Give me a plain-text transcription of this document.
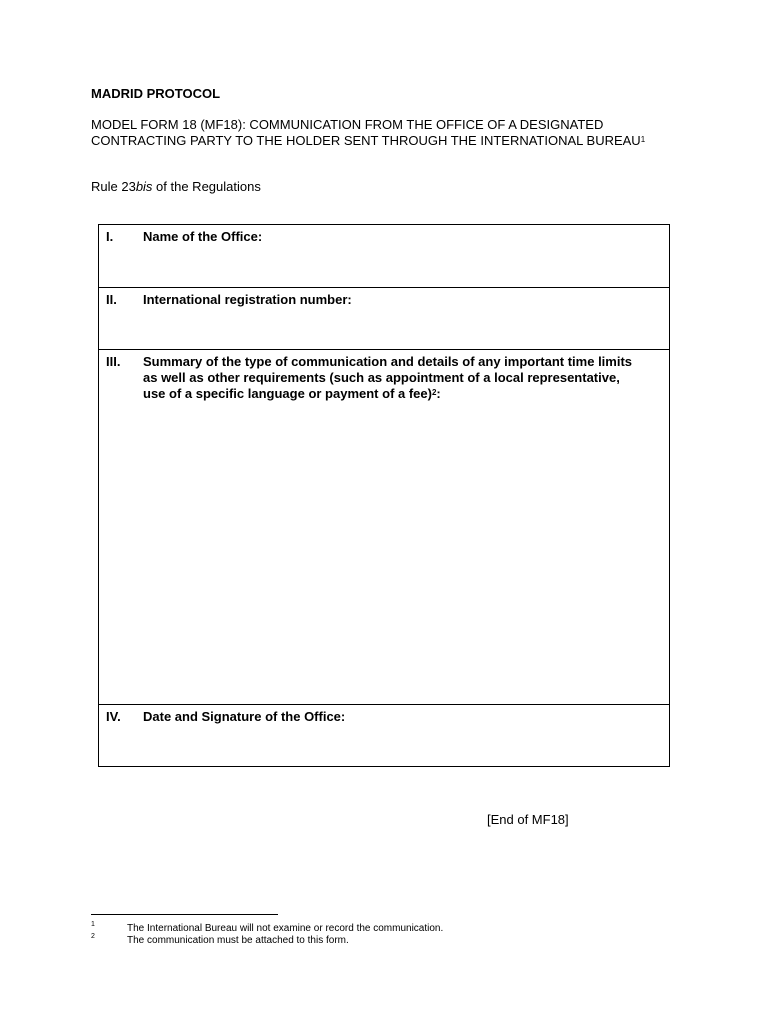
MADRID PROTOCOL
MODEL FORM 18 (MF18): COMMUNICATION FROM THE OFFICE OF A DESIGNATED CONTRACTING PARTY TO THE HOLDER SENT THROUGH THE INTERNATIONAL BUREAU$^1$
Rule 23bis of the Regulations
I. Name of the Office:
II. International registration number:
III. Summary of the type of communication and details of any important time limits as well as other requirements (such as appointment of a local representative, use of a specific language or payment of a fee)$^2$:
IV. Date and Signature of the Office:
[End of MF18]
1	The International Bureau will not examine or record the communication.
2	The communication must be attached to this form.
